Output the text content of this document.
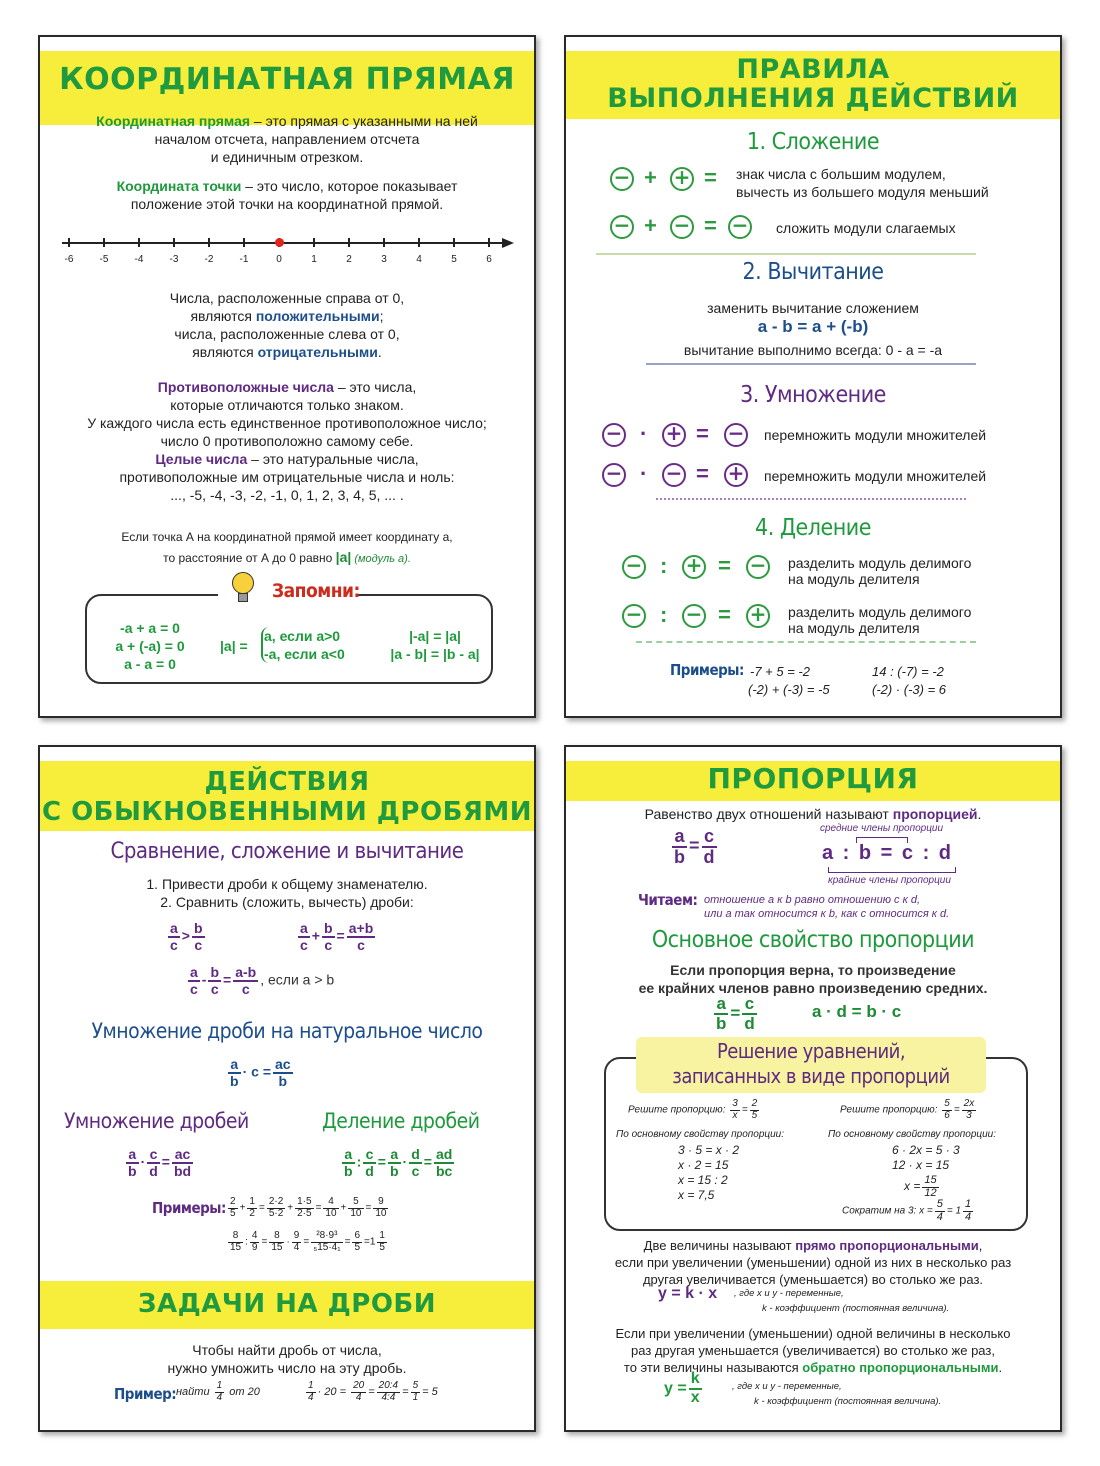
КООРДИНАТНАЯ ПРЯМАЯ
Координатная прямая – это прямая с указанными на ней
началом отсчета, направлением отсчета
и единичным отрезком.
Координата точки – это число, которое показывает
положение этой точки на координатной прямой.
-6	-5	-4	-3	-2	-1	0	1	2	3	4	5	6
Числа, расположенные справа от 0,
являются положительными;
числа, расположенные слева от 0,
являются отрицательными.
Противоположные числа – это числа,
которые отличаются только знаком.
У каждого числа есть единственное противоположное число;
число 0 противоположно самому себе.
Целые числа – это натуральные числа,
противоположные им отрицательные числа и ноль:
..., -5, -4, -3, -2, -1, 0, 1, 2, 3, 4, 5, ... .
Если точка А на координатной прямой имеет координату а,
то расстояние от А до 0 равно |a| (модуль а).
Запомни:
-a + a = 0
a + (-a) = 0
a - a = 0
|a| =
a, если a>0
-a, если a<0
|-a| = |a|
|a - b| = |b - a|
ПРАВИЛА
ВЫПОЛНЕНИЯ ДЕЙСТВИЙ
1. Сложение
− + + = знак числа с большим модулем,
вычесть из большего модуля меньший
− + − = − сложить модули слагаемых
2. Вычитание
заменить вычитание сложением
a - b = a + (-b)
вычитание выполнимо всегда: 0 - a = -a
3. Умножение
− · + = − перемножить модули множителей
− · − = + перемножить модули множителей
4. Деление
− : + = − разделить модуль делимого
на модуль делителя
− : − = + разделить модуль делимого
на модуль делителя
Примеры: -7 + 5 = -2	14 : (-7) = -2
(-2) + (-3) = -5	(-2) · (-3) = 6
ДЕЙСТВИЯ
С ОБЫКНОВЕННЫМИ ДРОБЯМИ
Сравнение, сложение и вычитание
1. Привести дроби к общему знаменателю.
2. Сравнить (сложить, вычесть) дроби:
$\frac{a}{c} > \frac{b}{c}$	$\frac{a}{c} + \frac{b}{c} = \frac{a+b}{c}$
$\frac{a}{c} - \frac{b}{c} = \frac{a-b}{c}$ , если a > b
Умножение дроби на натуральное число
$\frac{a}{b} \cdot c = \frac{ac}{b}$
Умножение дробей	Деление дробей
$\frac{a}{b} \cdot \frac{c}{d} = \frac{ac}{bd}$	$\frac{a}{b}$ : $\frac{c}{d} = \frac{a}{b} \cdot \frac{d}{c} = \frac{ad}{bc}$
Примеры: $\frac{2}{5} + \frac{1}{2} = \frac{2\cdot 2}{5\cdot 2} + \frac{1\cdot 5}{2\cdot 5} = \frac{4}{10} + \frac{5}{10} = \frac{9}{10}$
$\frac{8}{15}$ : $\frac{4}{9} = \frac{8}{15} \cdot \frac{9}{4} = \frac{\text{²8·9³}}{\text{₅15·4₁}} = \frac{6}{5} =1 \frac{1}{5}$
ЗАДАЧИ НА ДРОБИ
Чтобы найти дробь от числа,
нужно умножить число на эту дробь.
Пример: найти $\frac{1}{4}$ от 20	$\frac{1}{4} \cdot 20 = \frac{20}{4} = \frac{20:4}{4:4} = \frac{5}{1} = 5$
ПРОПОРЦИЯ
Равенство двух отношений называют пропорцией.
$\frac{a}{b} = \frac{c}{d}$	средние члены пропорции
a : b = c : d
крайние члены пропорции
Читаем: отношение а к b равно отношению с к d,
или а так относится к b, как с относится к d.
Основное свойство пропорции
Если пропорция верна, то произведение
ее крайних членов равно произведению средних.
$\frac{a}{b} = \frac{c}{d}$	a · d = b · c
Решение уравнений,
записанных в виде пропорций
Решите пропорцию: $\frac{3}{x} = \frac{2}{5}$
По основному свойству пропорции:
3 · 5 = x · 2
x · 2 = 15
x = 15 : 2
x = 7,5
Решите пропорцию: $\frac{5}{6} = \frac{2x}{3}$
По основному свойству пропорции:
6 · 2x = 5 · 3
12 · x = 15
$x = \frac{15}{12}$
Сократим на 3: $x = \frac{5}{4} = 1 \frac{1}{4}$
Две величины называют прямо пропорциональными,
если при увеличении (уменьшении) одной из них в несколько раз
другая увеличивается (уменьшается) во столько же раз.
y = k · x , где x и y - переменные,
k - коэффициент (постоянная величина).
Если при увеличении (уменьшении) одной величины в несколько
раз другая уменьшается (увеличивается) во столько же раз,
то эти величины называются обратно пропорциональными.
$y = \frac{k}{x}$	, где x и y - переменные,
k - коэффициент (постоянная величина).
